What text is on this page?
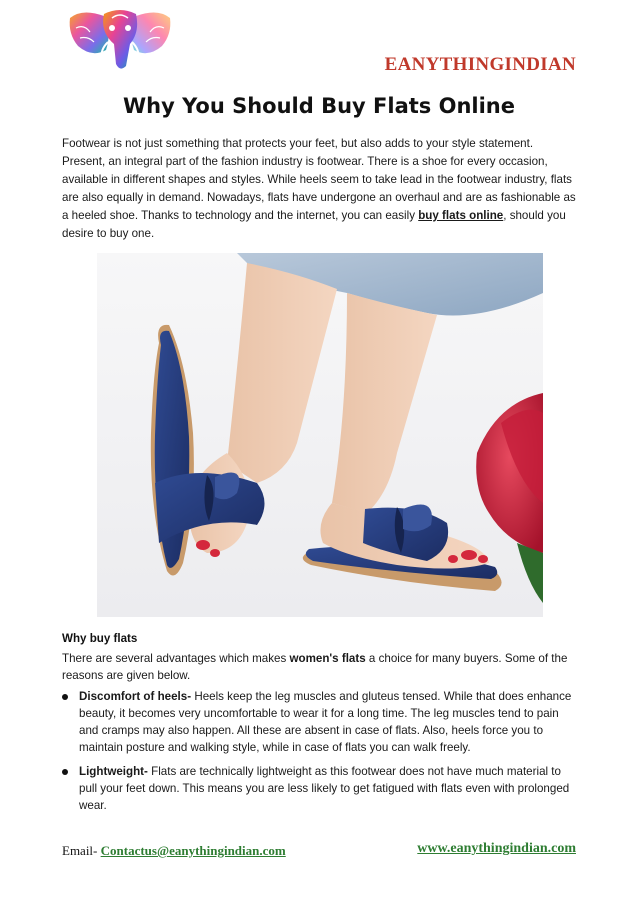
EANYTHINGINDIAN
Why You Should Buy Flats Online

Footwear is not just something that protects your feet, but also adds to your style statement. Present, an integral part of the fashion industry is footwear. There is a shoe for every occasion, available in different shapes and styles. While heels seem to take lead in the footwear industry, flats are also equally in demand. Nowadays, flats have undergone an overhaul and are as fashionable as a heeled shoe. Thanks to technology and the internet, you can easily buy flats online, should you desire to buy one.

Why buy flats

There are several advantages which makes women's flats a choice for many buyers. Some of the reasons are given below.

Discomfort of heels- Heels keep the leg muscles and gluteus tensed. While that does enhance beauty, it becomes very uncomfortable to wear it for a long time. The leg muscles tend to pain and cramps may also happen. All these are absent in case of flats. Also, heels force you to maintain posture and walking style, while in case of flats you can walk freely.
Lightweight- Flats are technically lightweight as this footwear does not have much material to pull your feet down. This means you are less likely to get fatigued with flats even with prolonged wear.
Email- Contactus@eanythingindian.com	www.eanythingindian.com
